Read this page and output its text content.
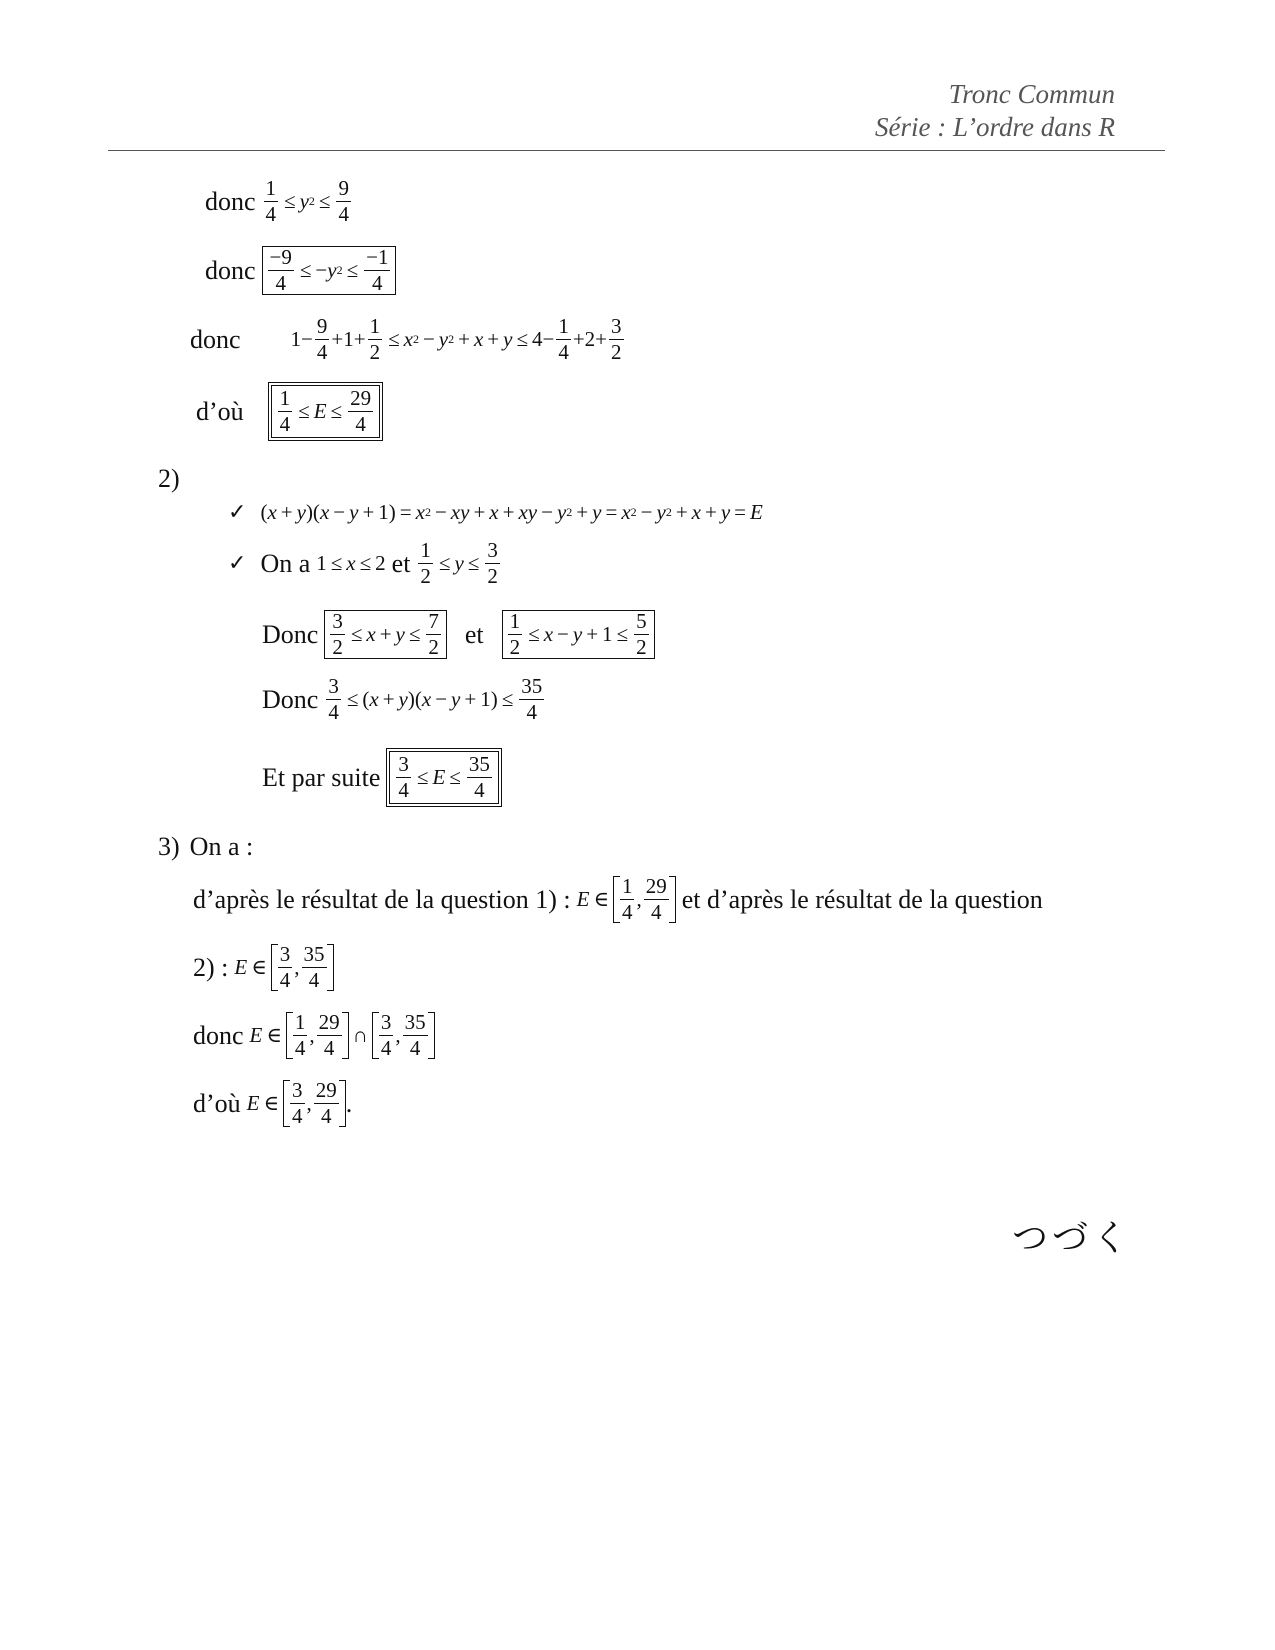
Tronc Commun
Série : L’ordre dans R
donc $\frac{1}{4} \le y$ $2 \le \frac{9}{4}$
donc $\frac{-9}{4}$ ≤ − y $2 \le \frac{-1}{4}$
donc $1- \frac{9}{4} +1+ \frac{1}{2} \le x$ 2 − y $2 + x + y \le 4- \frac{1}{4} +2+ \frac{3}{2}$
d’où $\frac{1}{4} \le E \le \frac{29}{4}$
2)
✓ ( x + y )( x − y + 1) = x 2 − xy + x + xy − y 2 + y = x 2 − y 2 + x + y = E
✓ On a 1 ≤ x ≤ 2 et $\frac{1}{2} \le y \le \frac{3}{2}$
Donc $\frac{3}{2} \le x + y \le \frac{7}{2}$ et $\frac{1}{2} \le x - y + 1 \le \frac{5}{2}$
Donc $\frac{3}{4}$ ≤ ( x + y )( $x - y + 1) \le \frac{35}{4}$
Et par suite $\frac{3}{4} \le E \le \frac{35}{4}$
3) On a :
d’après le résultat de la question 1) : E ∈ $\frac{1}{4}$ , $\frac{29}{4}$ et d’après le résultat de la question
2) : E ∈ $\frac{3}{4}$ , $\frac{35}{4}$
donc E ∈ $\frac{1}{4}$ , $\frac{29}{4}$ ∩ $\frac{3}{4}$ , $\frac{35}{4}$
d’où E ∈ $\frac{3}{4}$ , $\frac{29}{4}$ .
つづく
